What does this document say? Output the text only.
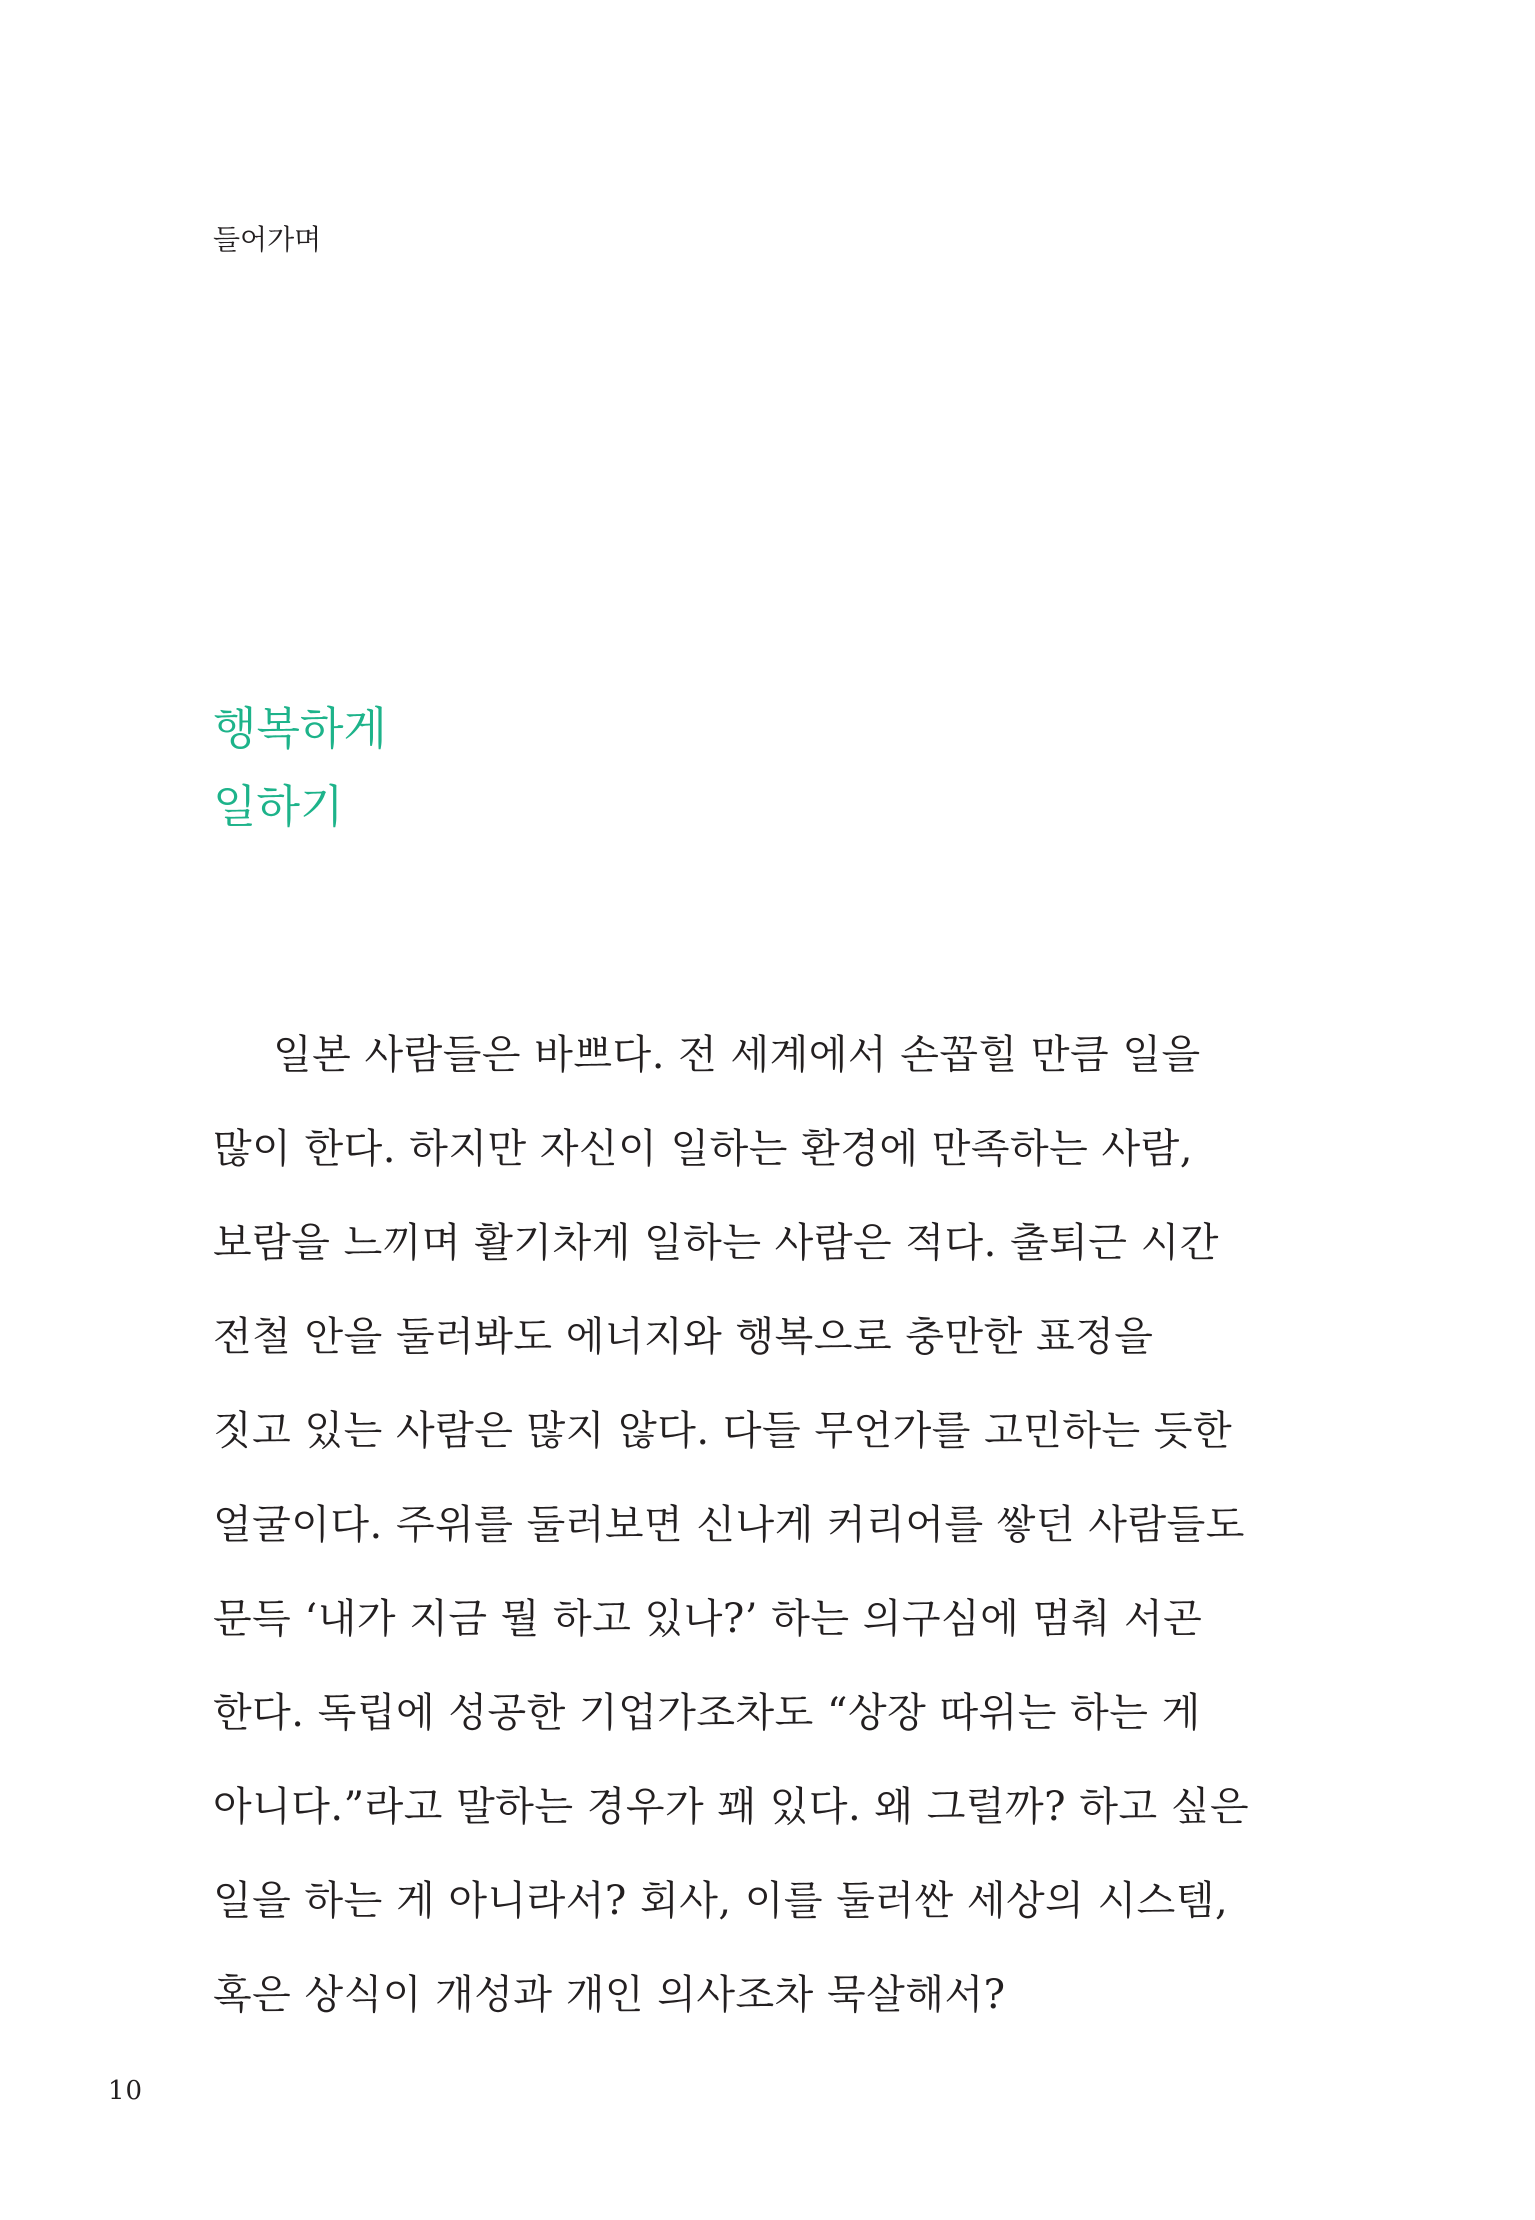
들어가며
행복하게
일하기
일본 사람들은 바쁘다. 전 세계에서 손꼽힐 만큼 일을
많이 한다. 하지만 자신이 일하는 환경에 만족하는 사람,
보람을 느끼며 활기차게 일하는 사람은 적다. 출퇴근 시간
전철 안을 둘러봐도 에너지와 행복으로 충만한 표정을
짓고 있는 사람은 많지 않다. 다들 무언가를 고민하는 듯한
얼굴이다. 주위를 둘러보면 신나게 커리어를 쌓던 사람들도
문득 ‘내가 지금 뭘 하고 있나?’ 하는 의구심에 멈춰 서곤
한다. 독립에 성공한 기업가조차도 “상장 따위는 하는 게
아니다.”라고 말하는 경우가 꽤 있다. 왜 그럴까? 하고 싶은
일을 하는 게 아니라서? 회사, 이를 둘러싼 세상의 시스템,
혹은 상식이 개성과 개인 의사조차 묵살해서?
10
